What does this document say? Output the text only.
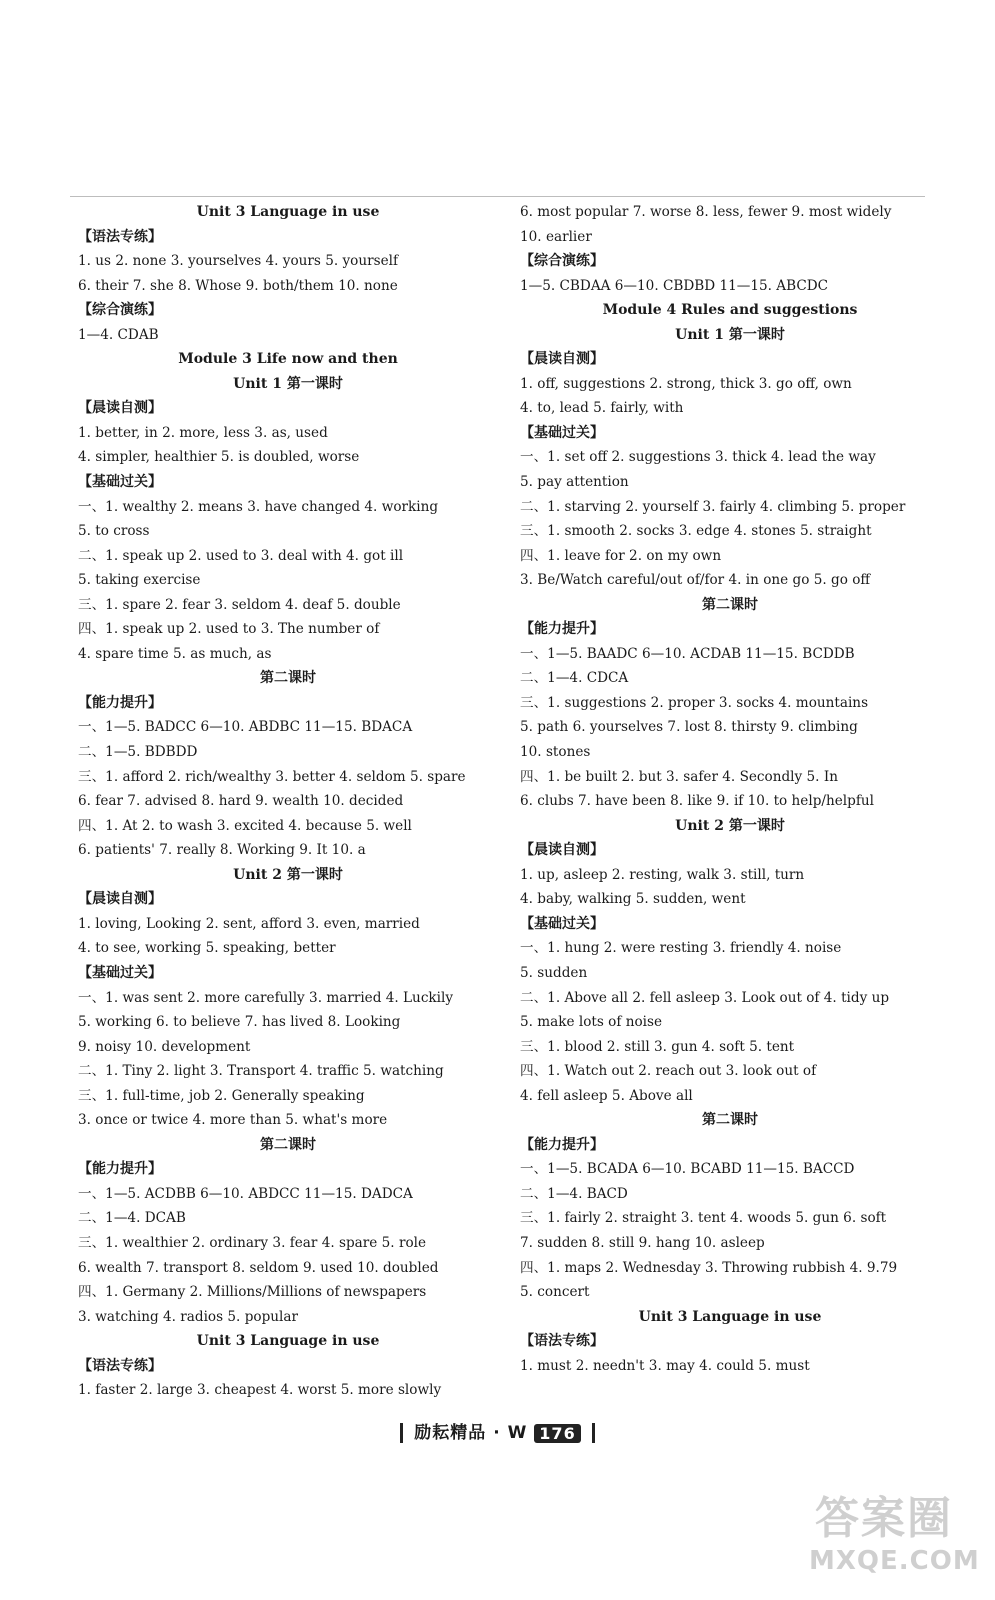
Unit 3 Language in use
【语法专练】
1. us 2. none 3. yourselves 4. yours 5. yourself
6. their 7. she 8. Whose 9. both/them 10. none
【综合演练】
1—4. CDAB
Module 3 Life now and then
Unit 1 第一课时
【晨读自测】
1. better, in 2. more, less 3. as, used
4. simpler, healthier 5. is doubled, worse
【基础过关】
一、1. wealthy 2. means 3. have changed 4. working
5. to cross
二、1. speak up 2. used to 3. deal with 4. got ill
5. taking exercise
三、1. spare 2. fear 3. seldom 4. deaf 5. double
四、1. speak up 2. used to 3. The number of
4. spare time 5. as much, as
第二课时
【能力提升】
一、1—5. BADCC 6—10. ABDBC 11—15. BDACA
二、1—5. BDBDD
三、1. afford 2. rich/wealthy 3. better 4. seldom 5. spare
6. fear 7. advised 8. hard 9. wealth 10. decided
四、1. At 2. to wash 3. excited 4. because 5. well
6. patients' 7. really 8. Working 9. It 10. a
Unit 2 第一课时
【晨读自测】
1. loving, Looking 2. sent, afford 3. even, married
4. to see, working 5. speaking, better
【基础过关】
一、1. was sent 2. more carefully 3. married 4. Luckily
5. working 6. to believe 7. has lived 8. Looking
9. noisy 10. development
二、1. Tiny 2. light 3. Transport 4. traffic 5. watching
三、1. full-time, job 2. Generally speaking
3. once or twice 4. more than 5. what's more
第二课时
【能力提升】
一、1—5. ACDBB 6—10. ABDCC 11—15. DADCA
二、1—4. DCAB
三、1. wealthier 2. ordinary 3. fear 4. spare 5. role
6. wealth 7. transport 8. seldom 9. used 10. doubled
四、1. Germany 2. Millions/Millions of newspapers
3. watching 4. radios 5. popular
Unit 3 Language in use
【语法专练】
1. faster 2. large 3. cheapest 4. worst 5. more slowly
6. most popular 7. worse 8. less, fewer 9. most widely
10. earlier
【综合演练】
1—5. CBDAA 6—10. CBDBD 11—15. ABCDC
Module 4 Rules and suggestions
Unit 1 第一课时
【晨读自测】
1. off, suggestions 2. strong, thick 3. go off, own
4. to, lead 5. fairly, with
【基础过关】
一、1. set off 2. suggestions 3. thick 4. lead the way
5. pay attention
二、1. starving 2. yourself 3. fairly 4. climbing 5. proper
三、1. smooth 2. socks 3. edge 4. stones 5. straight
四、1. leave for 2. on my own
3. Be/Watch careful/out of/for 4. in one go 5. go off
第二课时
【能力提升】
一、1—5. BAADC 6—10. ACDAB 11—15. BCDDB
二、1—4. CDCA
三、1. suggestions 2. proper 3. socks 4. mountains
5. path 6. yourselves 7. lost 8. thirsty 9. climbing
10. stones
四、1. be built 2. but 3. safer 4. Secondly 5. In
6. clubs 7. have been 8. like 9. if 10. to help/helpful
Unit 2 第一课时
【晨读自测】
1. up, asleep 2. resting, walk 3. still, turn
4. baby, walking 5. sudden, went
【基础过关】
一、1. hung 2. were resting 3. friendly 4. noise
5. sudden
二、1. Above all 2. fell asleep 3. Look out of 4. tidy up
5. make lots of noise
三、1. blood 2. still 3. gun 4. soft 5. tent
四、1. Watch out 2. reach out 3. look out of
4. fell asleep 5. Above all
第二课时
【能力提升】
一、1—5. BCADA 6—10. BCABD 11—15. BACCD
二、1—4. BACD
三、1. fairly 2. straight 3. tent 4. woods 5. gun 6. soft
7. sudden 8. still 9. hang 10. asleep
四、1. maps 2. Wednesday 3. Throwing rubbish 4. 9.79
5. concert
Unit 3 Language in use
【语法专练】
1. must 2. needn't 3. may 4. could 5. must
励耘精品 · W 176
答案圈
MXQE.COM
